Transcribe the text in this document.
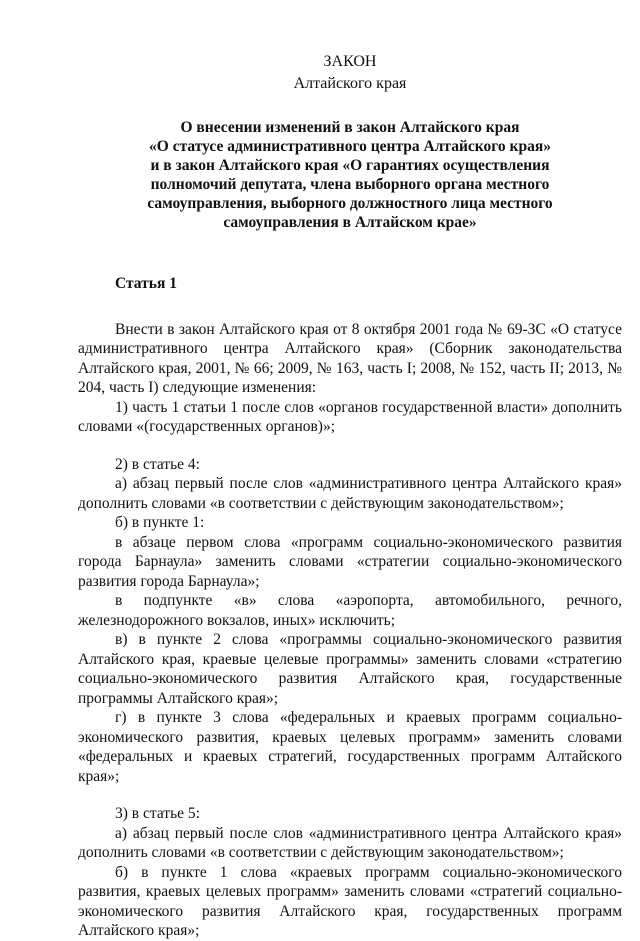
ЗАКОН
Алтайского края
О внесении изменений в закон Алтайского края
«О статусе административного центра Алтайского края»
и в закон Алтайского края «О гарантиях осуществления
полномочий депутата, члена выборного органа местного
самоуправления, выборного должностного лица местного
самоуправления в Алтайском крае»
Статья 1

Внести в закон Алтайского края от 8 октября 2001 года № 69-ЗС «О статусе административного центра Алтайского края» (Сборник законодательства Алтайского края, 2001, № 66; 2009, № 163, часть I; 2008, № 152, часть II; 2013, № 204, часть I) следующие изменения:

1) часть 1 статьи 1 после слов «органов государственной власти» дополнить словами «(государственных органов)»;

2) в статье 4:

а) абзац первый после слов «административного центра Алтайского края» дополнить словами «в соответствии с действующим законодательством»;

б) в пункте 1:

в абзаце первом слова «программ социально-экономического развития города Барнаула» заменить словами «стратегии социально-экономического развития города Барнаула»;

в подпункте «в» слова «аэропорта, автомобильного, речного, железнодорожного вокзалов, иных» исключить;

в) в пункте 2 слова «программы социально-экономического развития Алтайского края, краевые целевые программы» заменить словами «стратегию социально-экономического развития Алтайского края, государственные программы Алтайского края»;

г) в пункте 3 слова «федеральных и краевых программ социально-экономического развития, краевых целевых программ» заменить словами «федеральных и краевых стратегий, государственных программ Алтайского края»;

3) в статье 5:

а) абзац первый после слов «административного центра Алтайского края» дополнить словами «в соответствии с действующим законодательством»;

б) в пункте 1 слова «краевых программ социально-экономического развития, краевых целевых программ» заменить словами «стратегий социально-экономического развития Алтайского края, государственных программ Алтайского края»;
